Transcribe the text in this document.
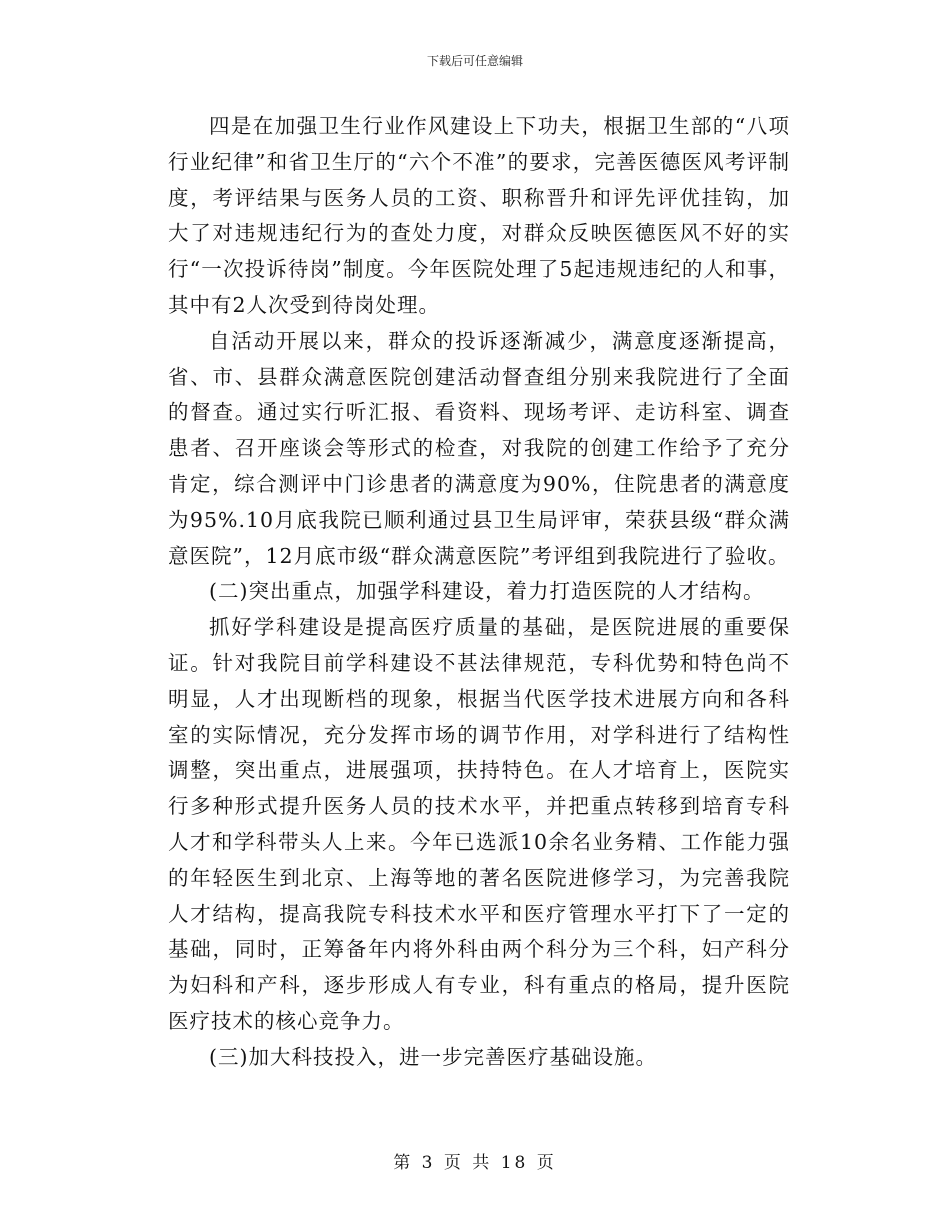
下载后可任意编辑

四是在加强卫生行业作风建设上下功夫，根据卫生部的“八项行业纪律”和省卫生厅的“六个不准”的要求，完善医德医风考评制度，考评结果与医务人员的工资、职称晋升和评先评优挂钩，加大了对违规违纪行为的查处力度，对群众反映医德医风不好的实行“一次投诉待岗”制度。今年医院处理了5起违规违纪的人和事，其中有2人次受到待岗处理。

自活动开展以来，群众的投诉逐渐减少，满意度逐渐提高， 省、市、县群众满意医院创建活动督查组分别来我院进行了全面的督查。通过实行听汇报、看资料、现场考评、走访科室、调查患者、召开座谈会等形式的检查，对我院的创建工作给予了充分肯定，综合测评中门诊患者的满意度为90%，住院患者的满意度为95%.10月底我院已顺利通过县卫生局评审，荣获县级“群众满意医院”，12月底市级“群众满意医院”考评组到我院进行了验收。

(二)突出重点，加强学科建设，着力打造医院的人才结构。

抓好学科建设是提高医疗质量的基础，是医院进展的重要保证。针对我院目前学科建设不甚法律规范，专科优势和特色尚不明显，人才出现断档的现象，根据当代医学技术进展方向和各科室的实际情况，充分发挥市场的调节作用，对学科进行了结构性调整，突出重点，进展强项，扶持特色。在人才培育上，医院实行多种形式提升医务人员的技术水平，并把重点转移到培育专科人才和学科带头人上来。今年已选派10余名业务精、工作能力强的年轻医生到北京、上海等地的著名医院进修学习，为完善我院人才结构，提高我院专科技术水平和医疗管理水平打下了一定的基础，同时，正筹备年内将外科由两个科分为三个科，妇产科分为妇科和产科，逐步形成人有专业，科有重点的格局，提升医院医疗技术的核心竞争力。

(三)加大科技投入，进一步完善医疗基础设施。

第 3 页 共 18 页
